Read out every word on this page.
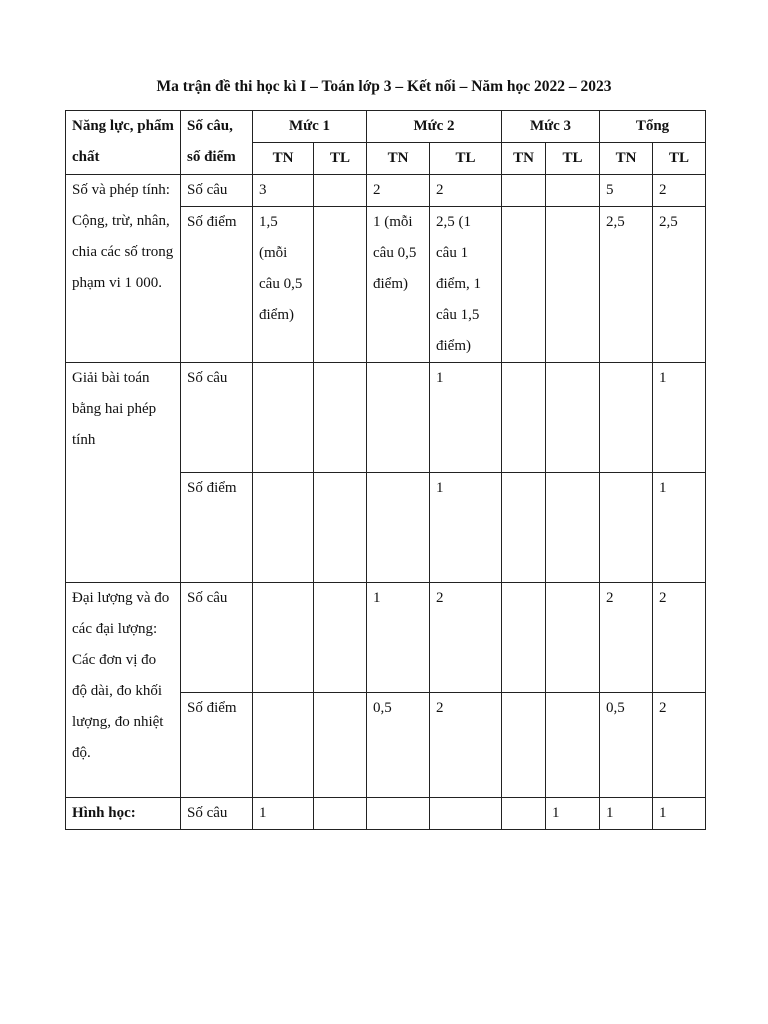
Ma trận đề thi học kì I – Toán lớp 3 – Kết nối – Năm học 2022 – 2023
Năng lực, phẩm chất	Số câu, số điểm	Mức 1		Mức 2		Mức 3		Tổng	
		TN	TL	TN	TL	TN	TL	TN	TL
Số và phép tính: Cộng, trừ, nhân, chia các số trong phạm vi 1 000.	Số câu	3		2	2			5	2
	Số điểm	1,5 (mỗi câu 0,5 điểm)		1 (mỗi câu 0,5 điểm)	2,5 (1 câu 1 điểm, 1 câu 1,5 điểm)			2,5	2,5
Giải bài toán bằng hai phép tính	Số câu				1				1
	Số điểm				1				1
Đại lượng và đo các đại lượng: Các đơn vị đo độ dài, đo khối lượng, đo nhiệt độ.	Số câu			1	2			2	2
	Số điểm			0,5	2			0,5	2
Hình học:	Số câu	1					1	1	1
